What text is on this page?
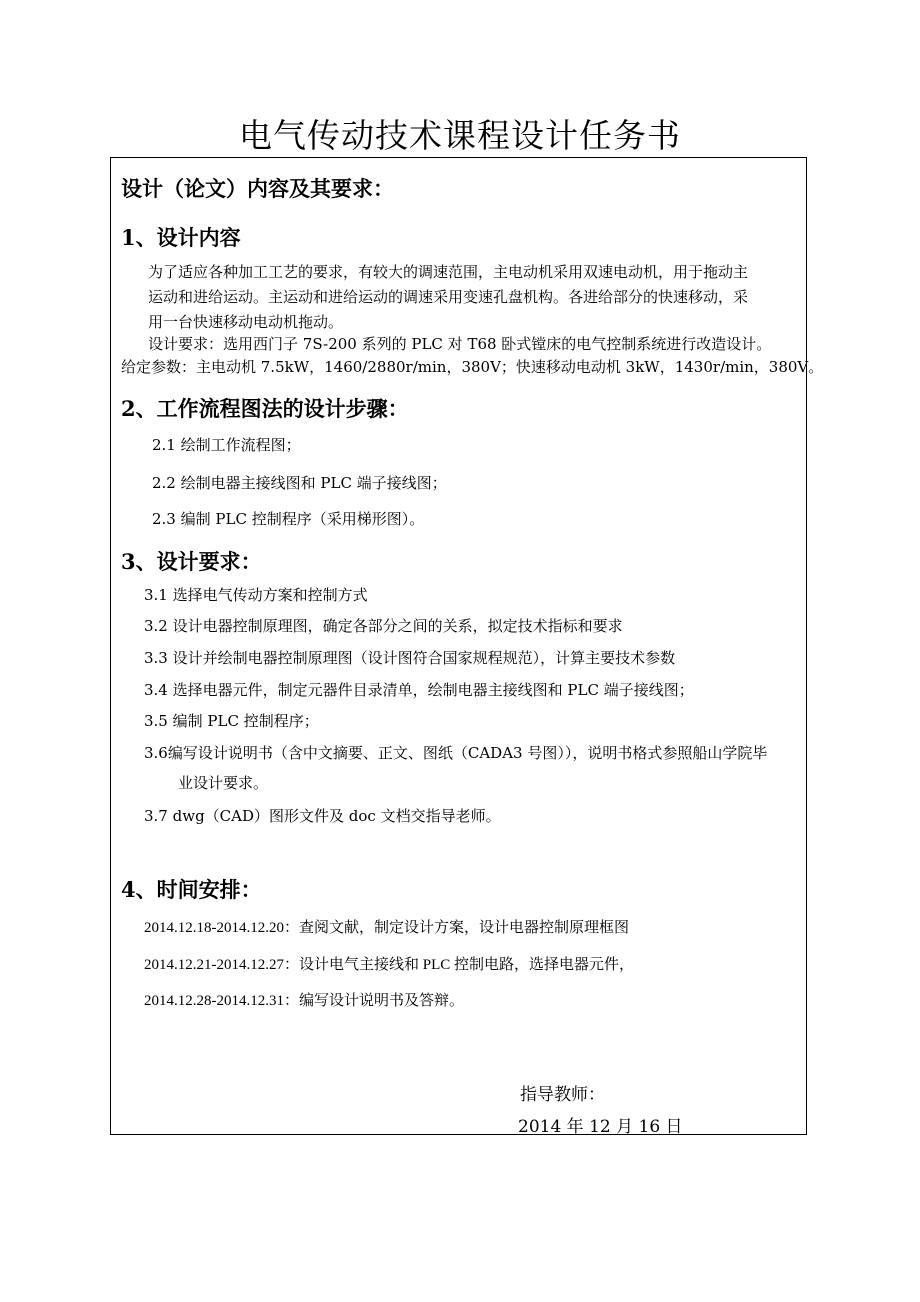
电气传动技术课程设计任务书
设计（论文）内容及其要求：
1、设计内容
为了适应各种加工工艺的要求，有较大的调速范围，主电动机采用双速电动机，用于拖动主
运动和进给运动。主运动和进给运动的调速采用变速孔盘机构。各进给部分的快速移动，采
用一台快速移动电动机拖动。
设计要求：选用西门子 7S-200 系列的 PLC 对 T68 卧式镗床的电气控制系统进行改造设计。
给定参数：主电动机 7.5kW，1460/2880r/min，380V；快速移动电动机 3kW，1430r/min，380V。
2、工作流程图法的设计步骤：
2.1 绘制工作流程图；
2.2 绘制电器主接线图和 PLC 端子接线图；
2.3 编制 PLC 控制程序（采用梯形图）。
3、设计要求：
3.1 选择电气传动方案和控制方式
3.2 设计电器控制原理图，确定各部分之间的关系，拟定技术指标和要求
3.3 设计并绘制电器控制原理图（设计图符合国家规程规范），计算主要技术参数
3.4 选择电器元件，制定元器件目录清单，绘制电器主接线图和 PLC 端子接线图；
3.5 编制 PLC 控制程序；
3.6编写设计说明书（含中文摘要、正文、图纸（CADA3 号图）），说明书格式参照船山学院毕
业设计要求。
3.7 dwg（CAD）图形文件及 doc 文档交指导老师。
4、时间安排：
2014.12.18-2014.12.20：查阅文献，制定设计方案，设计电器控制原理框图
2014.12.21-2014.12.27：设计电气主接线和 PLC 控制电路，选择电器元件，
2014.12.28-2014.12.31：编写设计说明书及答辩。
指导教师：
2014 年 12 月 16 日
